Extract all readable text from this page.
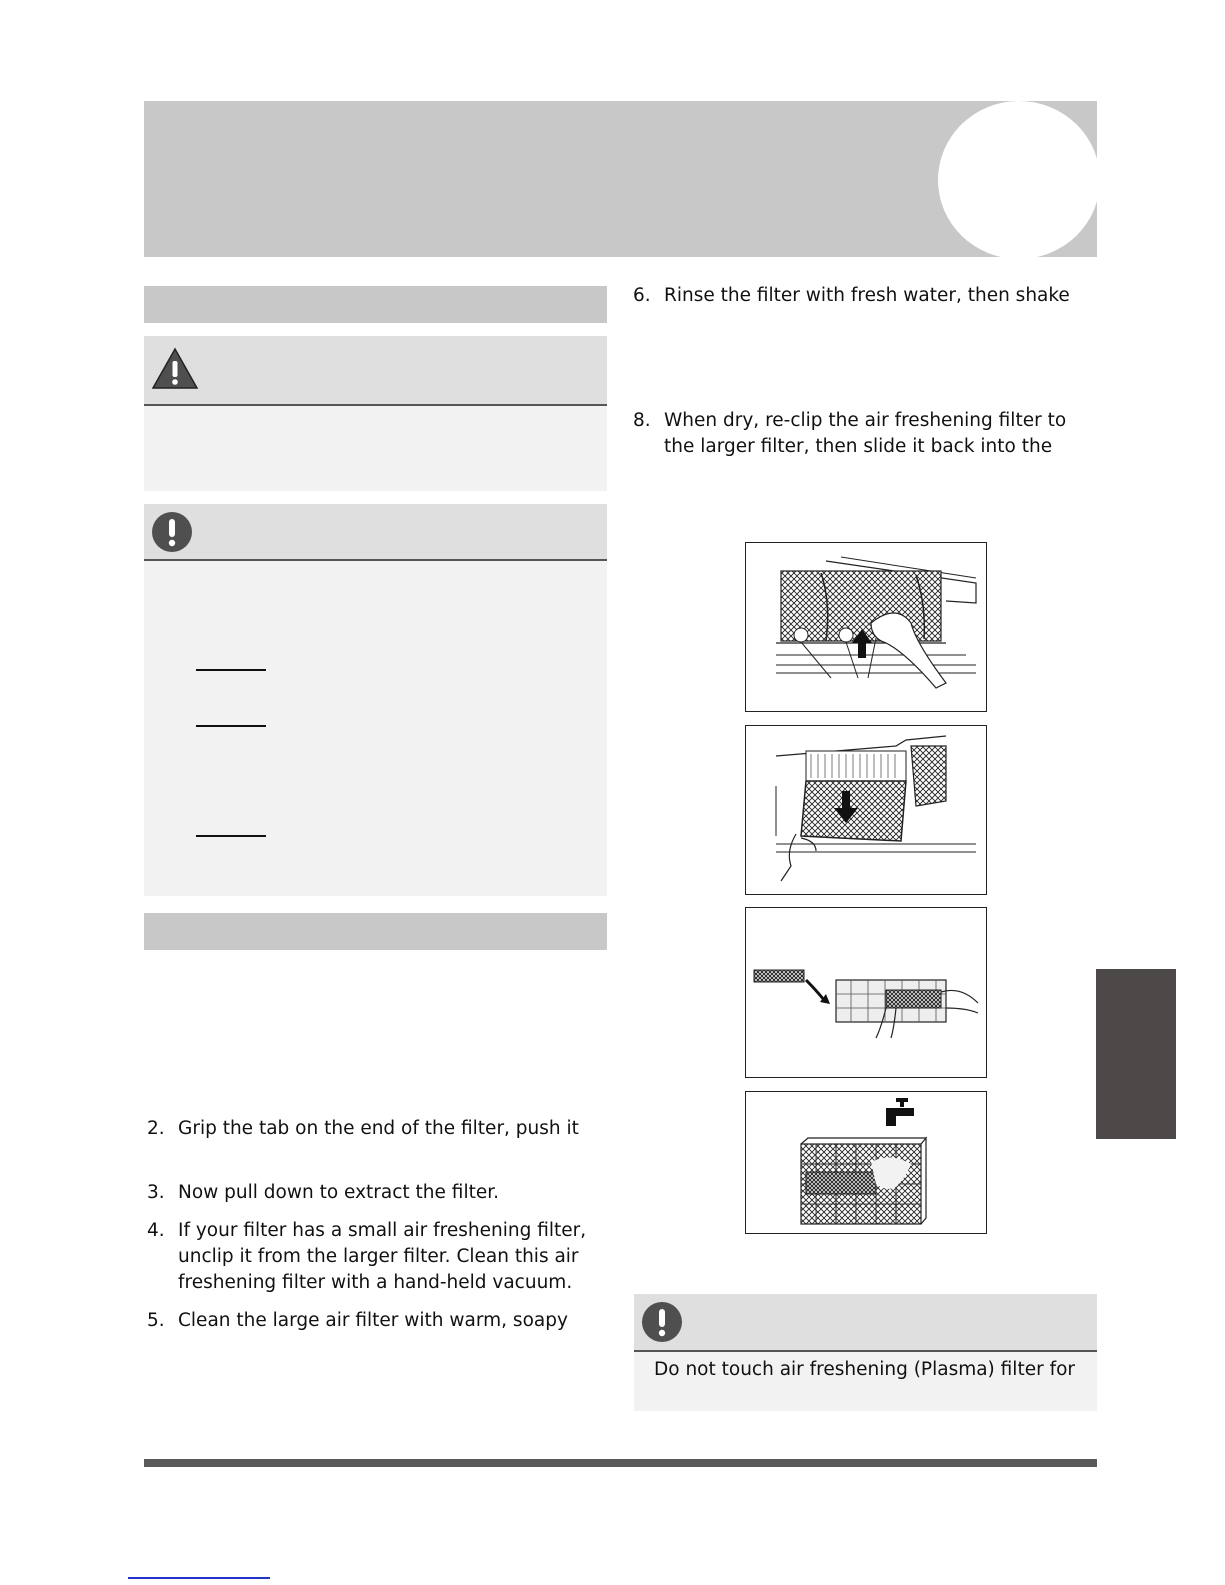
2. Grip the tab on the end of the filter, push it
3. Now pull down to extract the filter.
4. If your filter has a small air freshening filter,
unclip it from the larger filter. Clean this air
freshening filter with a hand-held vacuum.
5. Clean the large air filter with warm, soapy
6. Rinse the filter with fresh water, then shake
8. When dry, re-clip the air freshening filter to
the larger filter, then slide it back into the
Do not touch air freshening (Plasma) filter for
